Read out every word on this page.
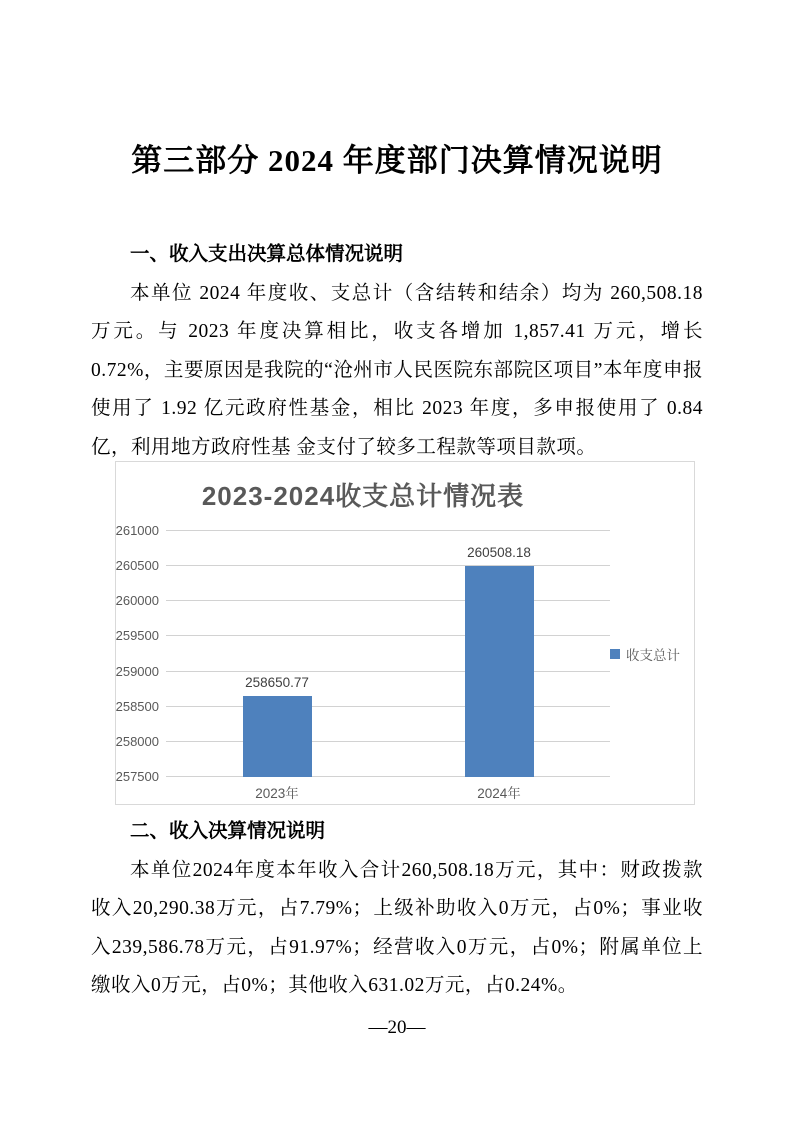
第三部分 2024 年度部门决算情况说明

一、收入支出决算总体情况说明

本单位 2024 年度收、支总计（含结转和结余）均为 260,508.18 万元。与 2023 年度决算相比，收支各增加 1,857.41 万元，增长 0.72%，主要原因是我院的“沧州市人民医院东部院区项目”本年度申报使用了 1.92 亿元政府性基金，相比 2023 年度，多申报使用了 0.84 亿，利用地方政府性基 金支付了较多工程款等项目款项。

2023-2024收支总计情况表
257500
258000
258500
259000
259500
260000
260500
261000
258650.77
2023年
260508.18
2024年
收支总计

二、收入决算情况说明

本单位2024年度本年收入合计260,508.18万元，其中：财政拨款收入20,290.38万元，占7.79%；上级补助收入0万元，占0%；事业收入239,586.78万元，占91.97%；经营收入0万元，占0%；附属单位上缴收入0万元，占0%；其他收入631.02万元，占0.24%。

—20—
